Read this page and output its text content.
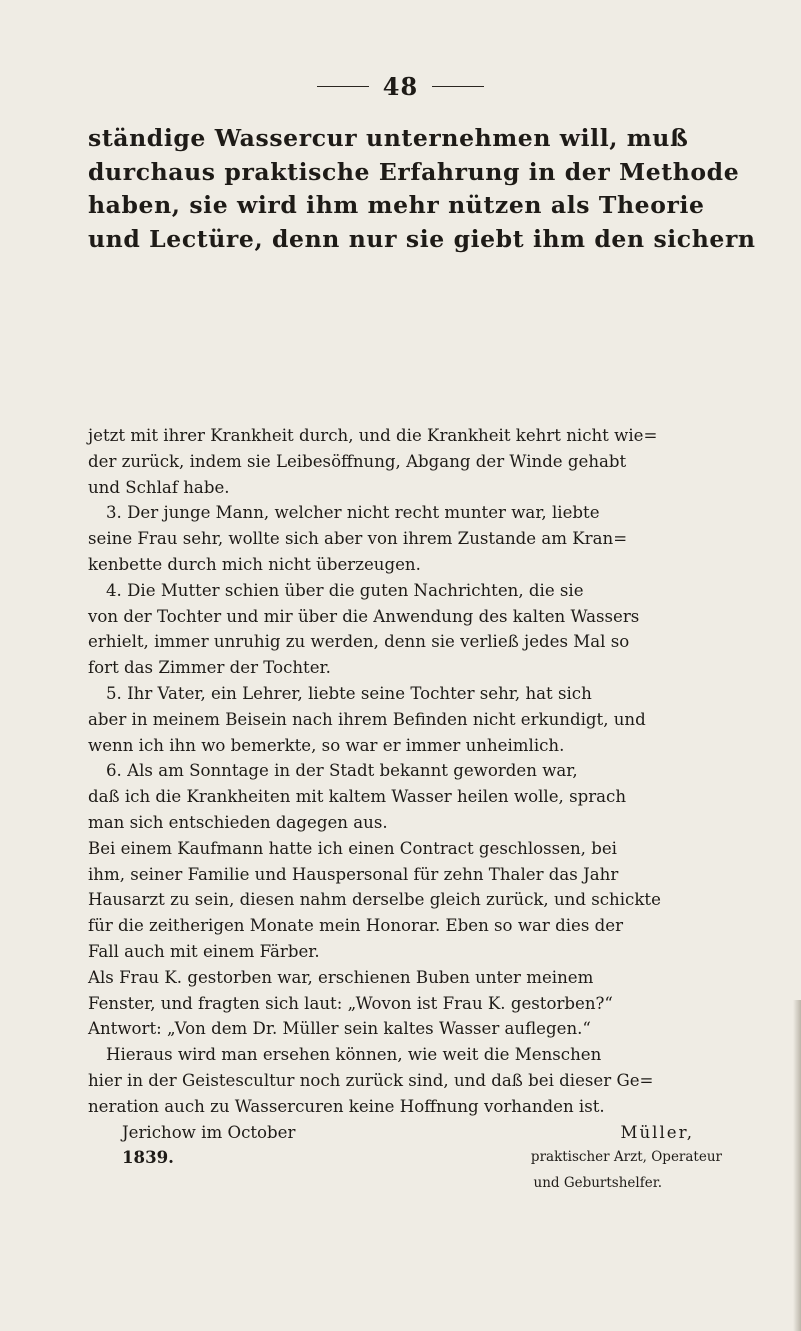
48
ständige Wassercur unternehmen will, muß
durchaus praktische Erfahrung in der Methode
haben, sie wird ihm mehr nützen als Theorie
und Lectüre, denn nur sie giebt ihm den sichern

jetzt mit ihrer Krankheit durch, und die Krankheit kehrt nicht wie=
der zurück, indem sie Leibesöffnung, Abgang der Winde gehabt
und Schlaf habe.

3. Der junge Mann, welcher nicht recht munter war, liebte
seine Frau sehr, wollte sich aber von ihrem Zustande am Kran=
kenbette durch mich nicht überzeugen.

4. Die Mutter schien über die guten Nachrichten, die sie
von der Tochter und mir über die Anwendung des kalten Wassers
erhielt, immer unruhig zu werden, denn sie verließ jedes Mal so
fort das Zimmer der Tochter.

5. Ihr Vater, ein Lehrer, liebte seine Tochter sehr, hat sich
aber in meinem Beisein nach ihrem Befinden nicht erkundigt, und
wenn ich ihn wo bemerkte, so war er immer unheimlich.

6. Als am Sonntage in der Stadt bekannt geworden war,
daß ich die Krankheiten mit kaltem Wasser heilen wolle, sprach
man sich entschieden dagegen aus.

Bei einem Kaufmann hatte ich einen Contract geschlossen, bei
ihm, seiner Familie und Hauspersonal für zehn Thaler das Jahr
Hausarzt zu sein, diesen nahm derselbe gleich zurück, und schickte
für die zeitherigen Monate mein Honorar. Eben so war dies der
Fall auch mit einem Färber.

Als Frau K. gestorben war, erschienen Buben unter meinem
Fenster, und fragten sich laut: „Wovon ist Frau K. gestorben?“
Antwort: „Von dem Dr. Müller sein kaltes Wasser auflegen.“

Hieraus wird man ersehen können, wie weit die Menschen
hier in der Geistescultur noch zurück sind, und daß bei dieser Ge=
neration auch zu Wassercuren keine Hoffnung vorhanden ist.

Jerichow im October	Müller,
1839.	praktischer Arzt, Operateur
und Geburtshelfer.
